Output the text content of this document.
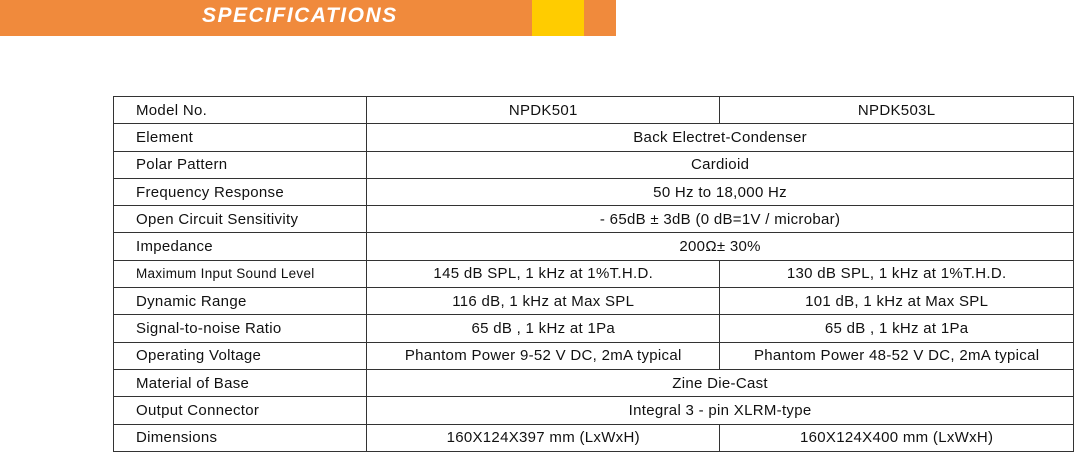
SPECIFICATIONS
Model No.	NPDK501	NPDK503L
Element	Back Electret-Condenser	
Polar Pattern	Cardioid	
Frequency Response	50 Hz to 18,000 Hz	
Open Circuit Sensitivity	- 65dB ± 3dB (0 dB=1V / microbar)	
Impedance	200Ω± 30%	
Maximum Input Sound Level	145 dB SPL, 1 kHz at 1%T.H.D.	130 dB SPL, 1 kHz at 1%T.H.D.
Dynamic Range	116 dB, 1 kHz at Max SPL	101 dB, 1 kHz at Max SPL
Signal-to-noise Ratio	65 dB , 1 kHz at 1Pa	65 dB , 1 kHz at 1Pa
Operating Voltage	Phantom Power 9-52 V DC, 2mA typical	Phantom Power 48-52 V DC, 2mA typical
Material of Base	Zine Die-Cast	
Output Connector	Integral 3 - pin XLRM-type	
Dimensions	160X124X397 mm (LxWxH)	160X124X400 mm (LxWxH)
